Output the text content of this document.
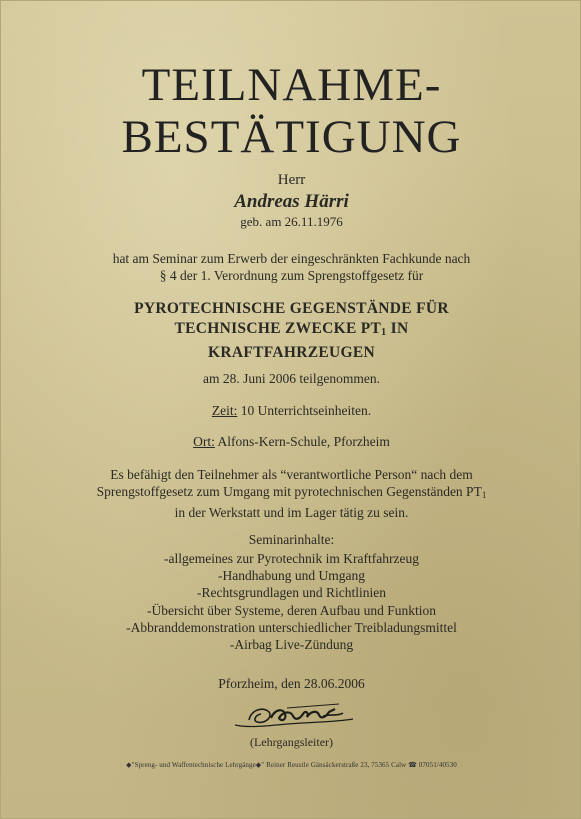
TEILNAHME-
BESTÄTIGUNG
Herr
Andreas Härri
geb. am 26.11.1976
hat am Seminar zum Erwerb der eingeschränkten Fachkunde nach
§ 4 der 1. Verordnung zum Sprengstoffgesetz für
PYROTECHNISCHE GEGENSTÄNDE FÜR
TECHNISCHE ZWECKE $PT_1$ IN
KRAFTFAHRZEUGEN
am 28. Juni 2006 teilgenommen.
Zeit: 10 Unterrichtseinheiten.
Ort: Alfons-Kern-Schule, Pforzheim
Es befähigt den Teilnehmer als “verantwortliche Person“ nach dem
Sprengstoffgesetz zum Umgang mit pyrotechnischen Gegenständen $PT_1$
in der Werkstatt und im Lager tätig zu sein.
Seminarinhalte:
-allgemeines zur Pyrotechnik im Kraftfahrzeug
-Handhabung und Umgang
-Rechtsgrundlagen und Richtlinien
-Übersicht über Systeme, deren Aufbau und Funktion
-Abbranddemonstration unterschiedlicher Treibladungsmittel
-Airbag Live-Zündung
Pforzheim, den 28.06.2006
(Lehrgangsleiter)
◆"Spreng- und Waffentechnische Lehrgänge◆" Reiner Reustle Gänsäckerstraße 23, 75365 Calw ☎ 07051/40530
